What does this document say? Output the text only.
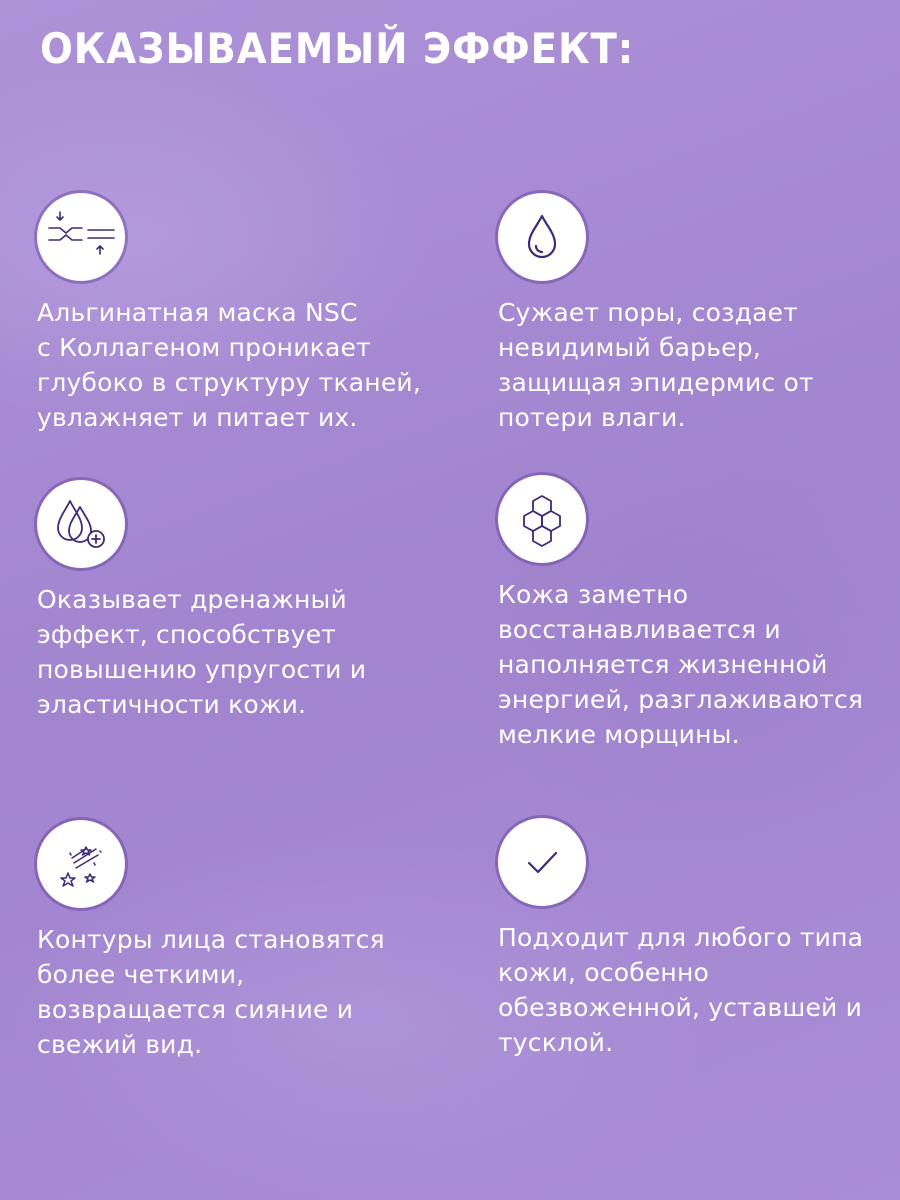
ОКАЗЫВАЕМЫЙ ЭФФЕКТ:
Альгинатная маска NSC
с Коллагеном проникает
глубоко в структуру тканей,
увлажняет и питает их.
Сужает поры, создает
невидимый барьер,
защищая эпидермис от
потери влаги.
Оказывает дренажный
эффект, способствует
повышению упругости и
эластичности кожи.
Кожа заметно
восстанавливается и
наполняется жизненной
энергией, разглаживаются
мелкие морщины.
Контуры лица становятся
более четкими,
возвращается сияние и
свежий вид.
Подходит для любого типа
кожи, особенно
обезвоженной, уставшей и
тусклой.
